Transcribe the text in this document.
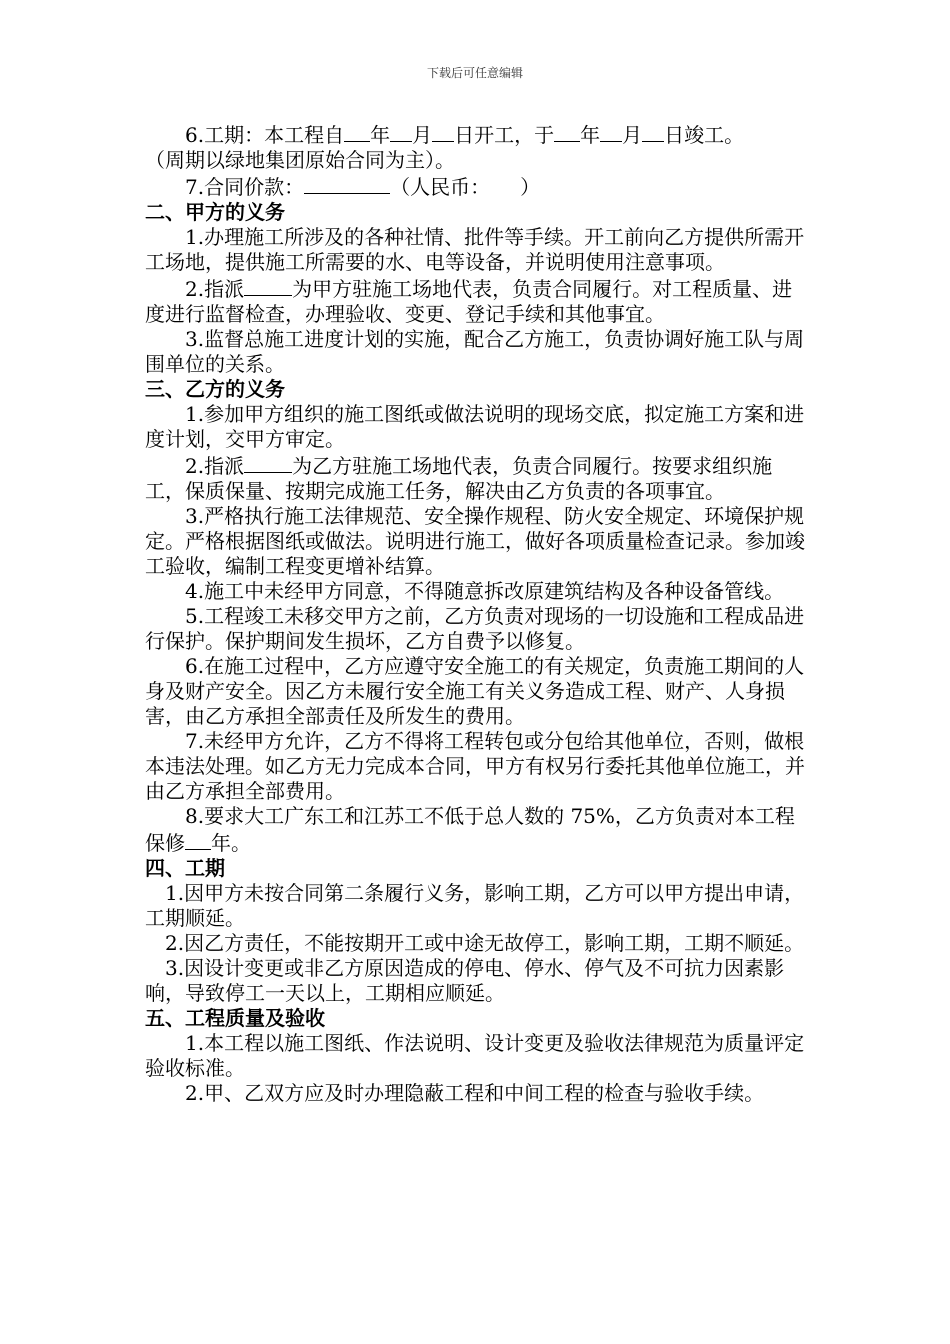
下载后可任意编辑

6.工期：本工程自 年 月 日开工，于 年 月 日竣工。

（周期以绿地集团原始合同为主）。

7.合同价款：	（人民币：　　）

二、甲方的义务

1.办理施工所涉及的各种社情、批件等手续。开工前向乙方提供所需开工场地，提供施工所需要的水、电等设备，并说明使用注意事项。

2.指派 为甲方驻施工场地代表，负责合同履行。对工程质量、进度进行监督检查，办理验收、变更、登记手续和其他事宜。

3.监督总施工进度计划的实施，配合乙方施工，负责协调好施工队与周围单位的关系。

三、乙方的义务

1.参加甲方组织的施工图纸或做法说明的现场交底，拟定施工方案和进度计划，交甲方审定。

2.指派 为乙方驻施工场地代表，负责合同履行。按要求组织施工，保质保量、按期完成施工任务，解决由乙方负责的各项事宜。

3.严格执行施工法律规范、安全操作规程、防火安全规定、环境保护规定。严格根据图纸或做法。说明进行施工，做好各项质量检查记录。参加竣工验收，编制工程变更增补结算。

4.施工中未经甲方同意，不得随意拆改原建筑结构及各种设备管线。

5.工程竣工未移交甲方之前，乙方负责对现场的一切设施和工程成品进行保护。保护期间发生损坏，乙方自费予以修复。

6.在施工过程中，乙方应遵守安全施工的有关规定，负责施工期间的人身及财产安全。因乙方未履行安全施工有关义务造成工程、财产、人身损害，由乙方承担全部责任及所发生的费用。

7.未经甲方允许，乙方不得将工程转包或分包给其他单位，否则，做根本违法处理。如乙方无力完成本合同，甲方有权另行委托其他单位施工，并由乙方承担全部费用。

8.要求大工广东工和江苏工不低于总人数的 75%，乙方负责对本工程保修 年。

四、工期

1.因甲方未按合同第二条履行义务，影响工期，乙方可以甲方提出申请，工期顺延。

2.因乙方责任，不能按期开工或中途无故停工，影响工期，工期不顺延。

3.因设计变更或非乙方原因造成的停电、停水、停气及不可抗力因素影响，导致停工一天以上，工期相应顺延。

五、工程质量及验收

1.本工程以施工图纸、作法说明、设计变更及验收法律规范为质量评定验收标准。

2.甲、乙双方应及时办理隐蔽工程和中间工程的检查与验收手续。
